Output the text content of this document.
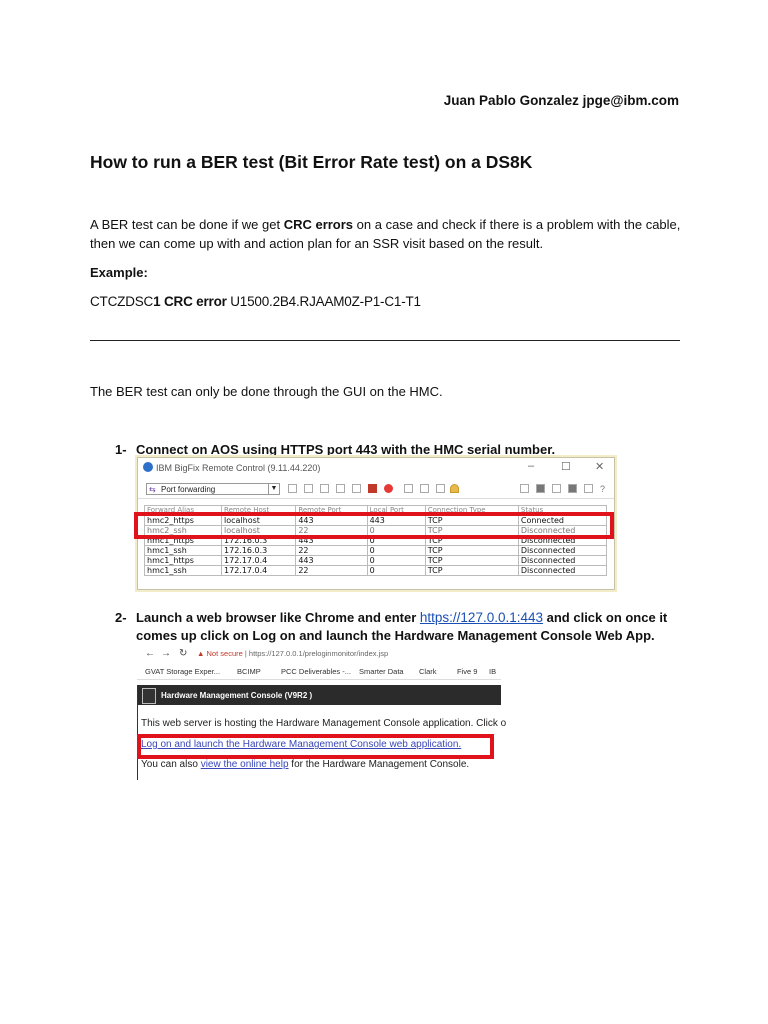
Juan Pablo Gonzalez jpge@ibm.com
How to run a BER test (Bit Error Rate test) on a DS8K
A BER test can be done if we get CRC errors on a case and check if there is a problem with the cable, then we can come up with and action plan for an SSR visit based on the result.
Example:
CTCZDSC1 CRC error U1500.2B4.RJAAM0Z-P1-C1-T1
The BER test can only be done through the GUI on the HMC.
1- Connect on AOS using HTTPS port 443 with the HMC serial number.
IBM BigFix Remote Control (9.11.44.220)	– ☐ ✕
⇆ Port forwarding	▼	?
Forward Alias	Remote Host	Remote Port	Local Port	Connection Type	Status
hmc2_https	localhost	443	443	TCP	Connected
hmc2_ssh	localhost	22	0	TCP	Disconnected
hmc1_https	172.16.0.3	443	0	TCP	Disconnected
hmc1_ssh	172.16.0.3	22	0	TCP	Disconnected
hmc1_https	172.17.0.4	443	0	TCP	Disconnected
hmc1_ssh	172.17.0.4	22	0	TCP	Disconnected
2- Launch a web browser like Chrome and enter https://127.0.0.1:443 and click on once it comes up click on Log on and launch the Hardware Management Console Web App.
← → ↻ ▲ Not secure | https://127.0.0.1/preloginmonitor/index.jsp
GVAT Storage Exper... BCIMP	PCC Deliverables -... Smarter Data Clark	Five 9 IB
Hardware Management Console (V9R2 )
This web server is hosting the Hardware Management Console application. Click o
Log on and launch the Hardware Management Console web application.
You can also view the online help for the Hardware Management Console.
